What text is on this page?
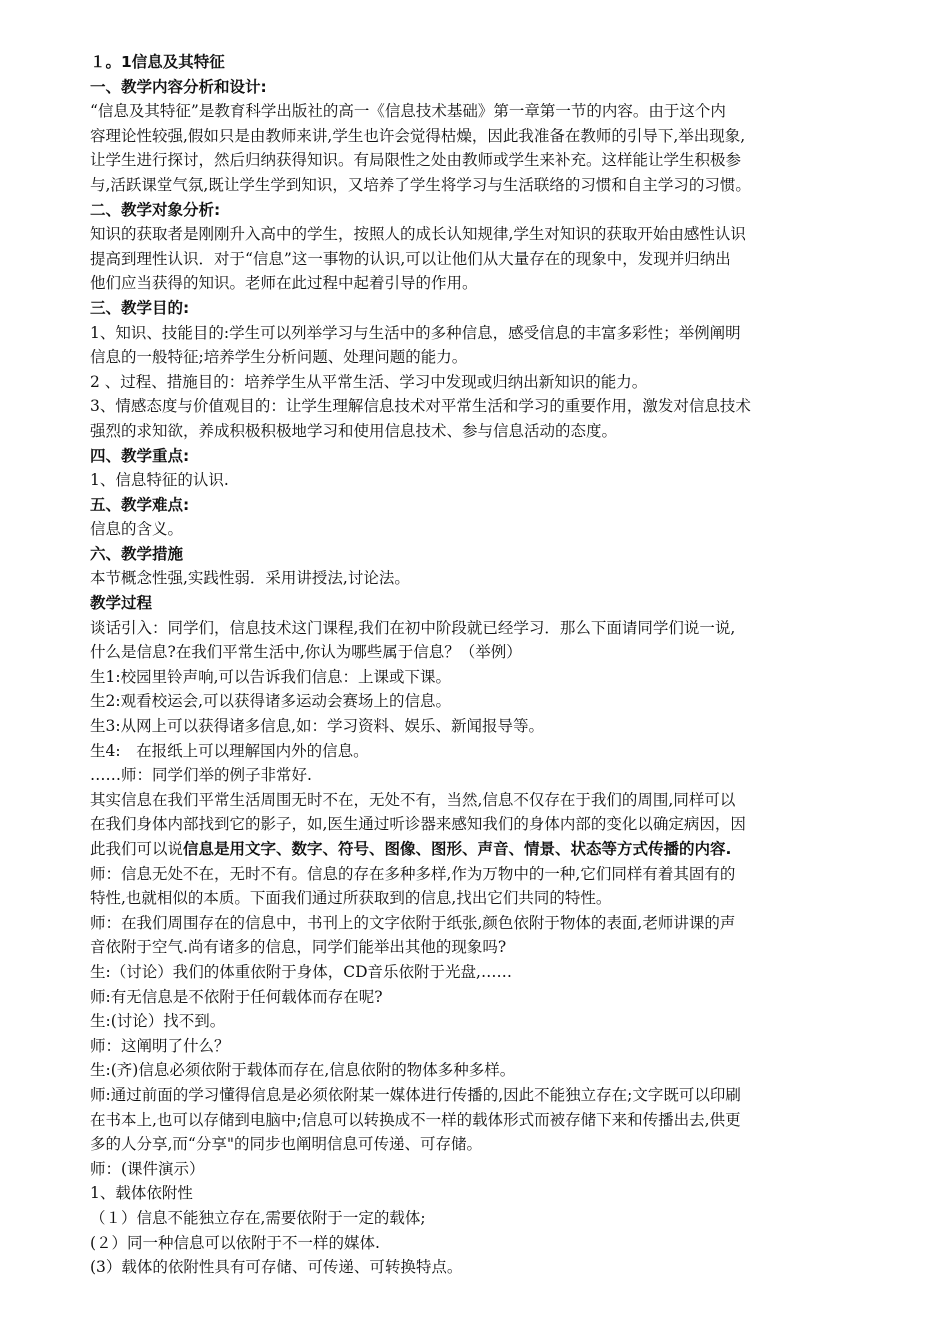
１。1信息及其特征
一、教学内容分析和设计:
“信息及其特征”是教育科学出版社的高一《信息技术基础》第一章第一节的内容。由于这个内
容理论性较强,假如只是由教师来讲,学生也许会觉得枯燥，因此我准备在教师的引导下,举出现象,
让学生进行探讨，然后归纳获得知识。有局限性之处由教师或学生来补充。这样能让学生积极参
与,活跃课堂气氛,既让学生学到知识，又培养了学生将学习与生活联络的习惯和自主学习的习惯。
二、教学对象分析:
知识的获取者是刚刚升入高中的学生，按照人的成长认知规律,学生对知识的获取开始由感性认识
提高到理性认识．对于“信息”这一事物的认识,可以让他们从大量存在的现象中，发现并归纳出
他们应当获得的知识。老师在此过程中起着引导的作用。
三、教学目的:
1、知识、技能目的:学生可以列举学习与生活中的多种信息，感受信息的丰富多彩性；举例阐明
信息的一般特征;培养学生分析问题、处理问题的能力。
2 、过程、措施目的：培养学生从平常生活、学习中发现或归纳出新知识的能力。
3、情感态度与价值观目的：让学生理解信息技术对平常生活和学习的重要作用，激发对信息技术
强烈的求知欲，养成积极积极地学习和使用信息技术、参与信息活动的态度。
四、教学重点:
1、信息特征的认识.
五、教学难点:
信息的含义。
六、教学措施
本节概念性强,实践性弱．采用讲授法,讨论法。
教学过程
谈话引入：同学们，信息技术这门课程,我们在初中阶段就已经学习．那么下面请同学们说一说,
什么是信息?在我们平常生活中,你认为哪些属于信息？（举例）
生1:校园里铃声响,可以告诉我们信息：上课或下课。
生2:观看校运会,可以获得诸多运动会赛场上的信息。
生3:从网上可以获得诸多信息,如：学习资料、娱乐、新闻报导等。
生4:　在报纸上可以理解国内外的信息。
……师：同学们举的例子非常好.
其实信息在我们平常生活周围无时不在，无处不有，当然,信息不仅存在于我们的周围,同样可以
在我们身体内部找到它的影子，如,医生通过听诊器来感知我们的身体内部的变化以确定病因，因
此我们可以说信息是用文字、数字、符号、图像、图形、声音、情景、状态等方式传播的内容.
师：信息无处不在，无时不有。信息的存在多种多样,作为万物中的一种,它们同样有着其固有的
特性,也就相似的本质。下面我们通过所获取到的信息,找出它们共同的特性。
师：在我们周围存在的信息中，书刊上的文字依附于纸张,颜色依附于物体的表面,老师讲课的声
音依附于空气.尚有诸多的信息，同学们能举出其他的现象吗?
生:（讨论）我们的体重依附于身体，CD音乐依附于光盘,……
师:有无信息是不依附于任何载体而存在呢?
生:(讨论）找不到。
师：这阐明了什么？
生:(齐)信息必须依附于载体而存在,信息依附的物体多种多样。
师:通过前面的学习懂得信息是必须依附某一媒体进行传播的,因此不能独立存在;文字既可以印刷
在书本上,也可以存储到电脑中;信息可以转换成不一样的载体形式而被存储下来和传播出去,供更
多的人分享,而“分享"的同步也阐明信息可传递、可存储。
师：(课件演示）
1、载体依附性
（１）信息不能独立存在,需要依附于一定的载体;
(２）同一种信息可以依附于不一样的媒体.
(3）载体的依附性具有可存储、可传递、可转换特点。
